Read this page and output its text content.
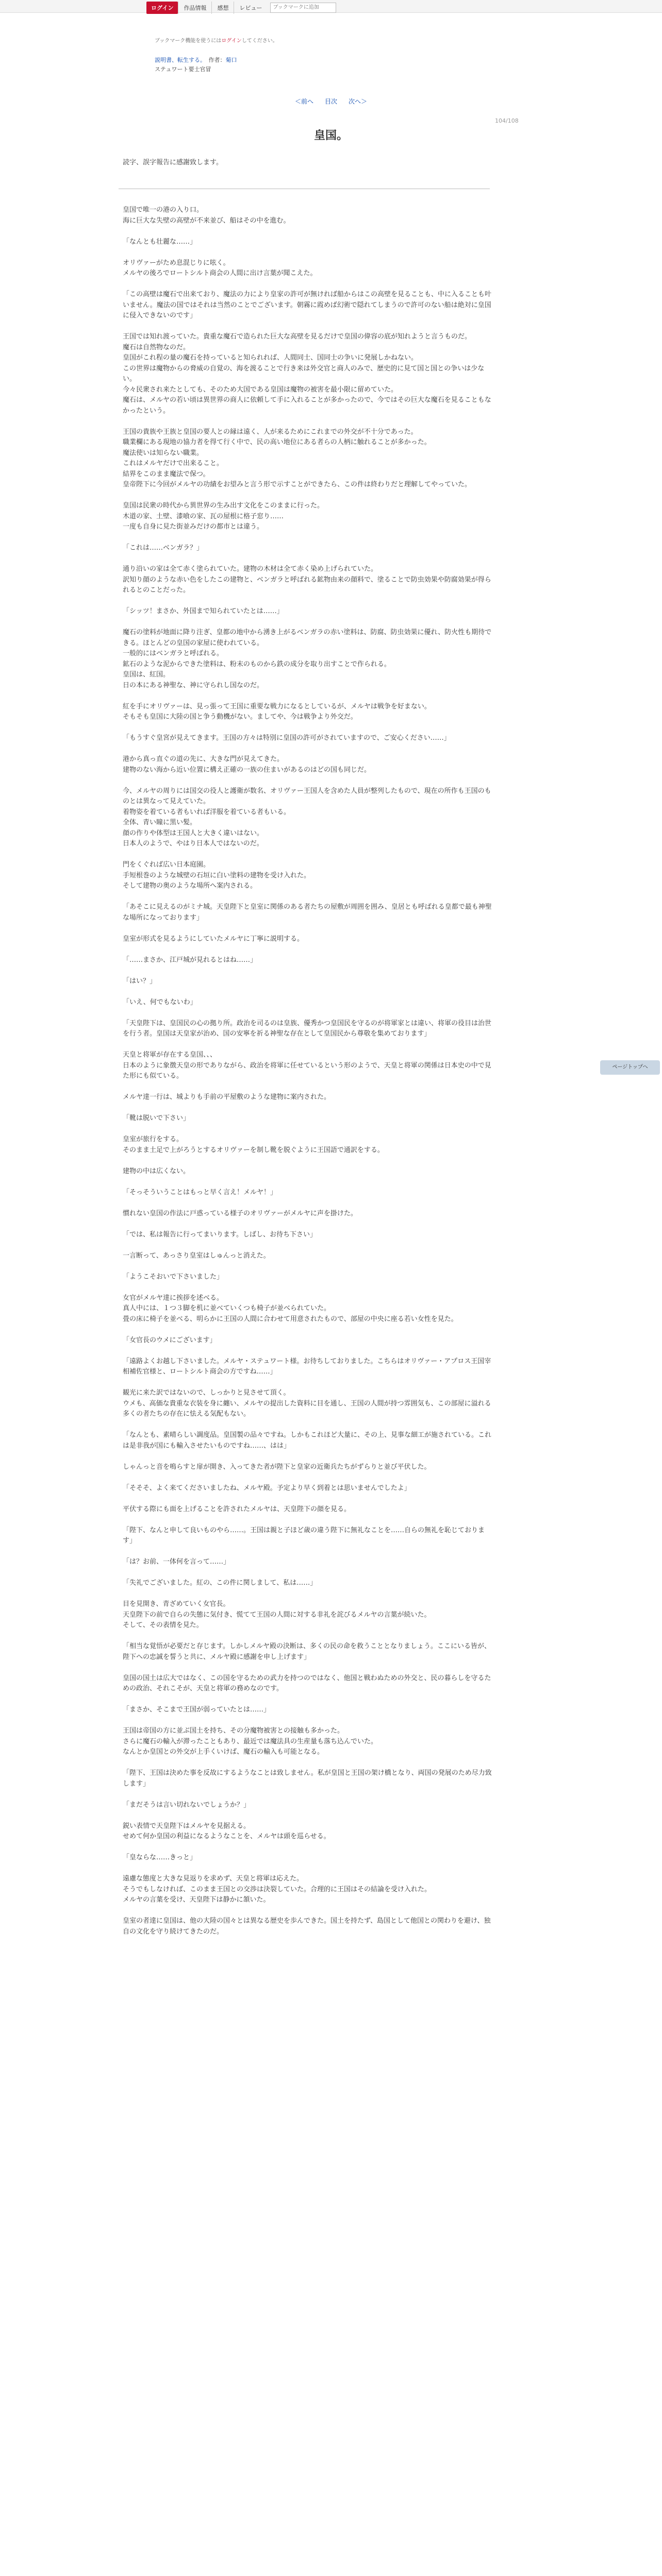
ログイン	作品情報	感想	レビュー
ブックマークに追加
ブックマーク機能を使うにはログインしてください。
説明書、転生する。　作者：菊口
ステュワート要士官冒
＜前へ 目次 次へ＞
104/108
皇国。
読字、誤字報告に感謝致します。

皇国で唯一の港の入り口。
海に巨大な失壁の高壁が不来並び、船はその中を進む。

「なんとも壮麗な……」

オリヴァーがため息混じりに呟く。
メルヤの後ろでロートシルト商会の人間に出け言葉が聞こえた。

「この高壁は魔石で出来ており、魔法の力により皇家の許可が無ければ船からはこの高壁を見ることも、中に入ることも叶いません。魔法の国ではそれは当然のことでございます。朝霧に霞めば幻術で隠れてしまうので許可のない船は絶対に皇国に侵入できないのです」

王国では知れ渡っていた。貴重な魔石で造られた巨大な高壁を見るだけで皇国の偉容の底が知れようと言うものだ。
魔石は自然物なのだ。
皇国がこれ程の量の魔石を持っていると知られれば、人間同士、国同士の争いに発展しかねない。
この世界は魔物からの脅威の自覚の、海を渡ることで行き来は外交官と商人のみで、歴史的に見て国と国との争いは少ない。
今々民衆され来たとしても、そのため大国である皇国は魔物の被害を最小限に留めていた。
魔石は、メルヤの若い頃は異世界の商人に依頼して手に入れることが多かったので、今ではその巨大な魔石を見ることもなかったという。

王国の貴族や王族と皇国の要人との縁は遠く、人が来るためにこれまでの外交が不十分であった。
職業欄にある現地の協力者を得て行く中で、民の高い地位にある者らの人柄に触れることが多かった。
魔法使いは知らない職業。
これはメルヤだけで出来ること。
結界をこのまま魔法で保つ。
皇帝陛下に今回がメルヤの功績をお望みと言う形で示すことができたら、この件は終わりだと理解してやっていた。

皇国は民衆の時代から異世界の生み出す文化をこのままに行った。
木道の家、土壁、漆喰の家、瓦の屋根に格子窓り……
一度も自身に見た街並みだけの都市とは違う。

「これは……ベンガラ？」

通り沿いの家は全て赤く塗られていた。建物の木材は全て赤く染め上げられていた。
訳知り顔のような赤い色をしたこの建物と、ベンガラと呼ばれる鉱物由来の顔料で、塗ることで防虫効果や防腐効果が得られるとのことだった。

「シッツ！まさか、外国まで知られていたとは……」

魔石の塗料が地面に降り注ぎ、皇都の地中から湧き上がるベンガラの赤い塗料は、防腐、防虫効果に優れ、防火性も期待できる。ほとんどの皇国の家屋に使われている。
一般的にはベンガラと呼ばれる。
鉱石のような泥からできた塗料は、粉末のものから鉄の成分を取り出すことで作られる。
皇国は、紅国。
日の本にある神聖な、神に守られし国なのだ。

紅を手にオリヴァーは、見っ張って王国に重要な戦力になるとしているが、メルヤは戦争を好まない。
そもそも皇国に大陸の国と争う動機がない。ましてや、今は戦争より外交だ。

「もうすぐ皇宮が見えてきます。王国の方々は特別に皇国の許可がされていますので、ご安心ください……」

港から真っ直ぐの道の先に、大きな門が見えてきた。
建物のない海から近い位置に構え正確の一族の住まいがあるのはどの国も同じだ。

今、メルヤの周りには国交の役人と護衛が数名、オリヴァー王国人を含めた人員が整列したもので、現在の所作も王国のものとは異なって見えていた。
着物姿を着ている者もいれば洋服を着ている者もいる。
全体、青い瞳に黒い髪。
顔の作りや体型は王国人と大きく違いはない。
日本人のようで、やはり日本人ではないのだ。

門をくぐれば広い日本庭園。
手短根巻のような城壁の石垣に白い塗料の建物を受け入れた。
そして建物の奥のような場所へ案内される。

「あそこに見えるのがミナ城。天皇陛下と皇室に関係のある者たちの屋敷が周囲を囲み、皇居とも呼ばれる皇都で最も神聖な場所になっております」

皇室が形式を見るようにしていたメルヤに丁寧に説明する。

「……まさか、江戸城が見れるとはね……」

「はい？」

「いえ、何でもないわ」

「天皇陛下は、皇国民の心の拠り所。政治を司るのは皇族、優秀かつ皇国民を守るのが将軍家とは違い、将軍の役目は治世を行う者。皇国は天皇家が治め、国の安寧を祈る神聖な存在として皇国民から尊敬を集めております」

天皇と将軍が存在する皇国、、、
日本のように象徴天皇の形でありながら、政治を将軍に任せているという形のようで、天皇と将軍の関係は日本史の中で見た形にも似ている。

メルヤ達一行は、城よりも手前の平屋敷のような建物に案内された。

「靴は脱いで下さい」

皇室が旅行をする。
そのまま土足で上がろうとするオリヴァーを制し靴を脱ぐように王国語で通訳をする。

建物の中は広くない。

「そっそういうことはもっと早く言え！メルヤ！」

慣れない皇国の作法に戸惑っている様子のオリヴァーがメルヤに声を掛けた。

「では、私は報告に行ってまいります。しばし、お待ち下さい」

一言断って、あっさり皇室はしゅんっと消えた。

「ようこそおいで下さいました」

女官がメルヤ達に挨拶を述べる。
真人中には、１つ３脚を机に並べていくつも椅子が並べられていた。
畳の床に椅子を並べる、明らかに王国の人間に合わせて用意されたもので、部屋の中央に座る若い女性を見た。

「女官長のウメにございます」

「遠路よくお越し下さいました。メルヤ・ステュワート様。お待ちしておりました。こちらはオリヴァー・アプロス王国宰相補佐官様と、ロートシルト商会の方ですね……」

観光に来た訳ではないので、しっかりと見させて頂く。
ウメも、高価な貴重な衣装を身に纏い、メルヤの提出した資料に目を通し、王国の人間が持つ雰囲気も、この部屋に溢れる多くの者たちの存在に怯える気配もない。

「なんとも、素晴らしい調度品。皇国製の品々ですね。しかもこれほど大量に、その上、見事な細工が施されている。これは是非我が国にも輸入させたいものですね……、はは」

しゃんっと音を鳴らすと扉が開き、入ってきた者が陛下と皇家の近衛兵たちがずらりと並び平伏した。

「そそそ、よく来てくださいましたね、メルヤ殿。予定より早く到着とは思いませんでしたよ」

平伏する際にも面を上げることを許されたメルヤは、天皇陛下の顔を見る。

「陛下、なんと申して良いものやら……。王国は親と子ほど歳の違う陛下に無礼なことを……自らの無礼を恥じております」

「は？お前、一体何を言って……」

「失礼でございました。紅の、この件に関しまして、私は……」

目を見開き、青ざめていく女官長。
天皇陛下の前で自らの失態に気付き、慌てて王国の人間に対する非礼を詫びるメルヤの言葉が続いた。
そして、その表情を見た。

「相当な覚悟が必要だと存じます。しかしメルヤ殿の決断は、多くの民の命を救うこととなりましょう。ここにいる皆が、陛下への忠誠を誓うと共に、メルヤ殿に感謝を申し上げます」

皇国の国土は広大ではなく、この国を守るための武力を持つのではなく、他国と戦わぬための外交と、民の暮らしを守るための政治、それこそが、天皇と将軍の務めなのです。

「まさか、そこまで王国が弱っていたとは……」

王国は帝国の方に並ぶ国土を持ち、その分魔物被害との接触も多かった。
さらに魔石の輸入が滞ったこともあり、最近では魔法具の生産量も落ち込んでいた。
なんとか皇国との外交が上手くいけば、魔石の輸入も可能となる。

「陛下、王国は決めた事を反故にするようなことは致しません。私が皇国と王国の架け橋となり、両国の発展のため尽力致します」

「まだそうは言い切れないでしょうか？」

鋭い表情で天皇陛下はメルヤを見据える。
せめて何か皇国の利益になるようなことを、メルヤは頭を巡らせる。

「皇ならな……きっと」

遠慮な態度と大きな見返りを求めず、天皇と将軍は応えた。
そうでもしなければ、このまま王国との交渉は決裂していた。合理的に王国はその結論を受け入れた。
メルヤの言葉を受け、天皇陛下は静かに頷いた。

皇室の者達に皇国は、他の大陸の国々とは異なる歴史を歩んできた。国土を持たず、島国として他国との関わりを避け、独自の文化を守り続けてきたのだ。

ページトップへ
